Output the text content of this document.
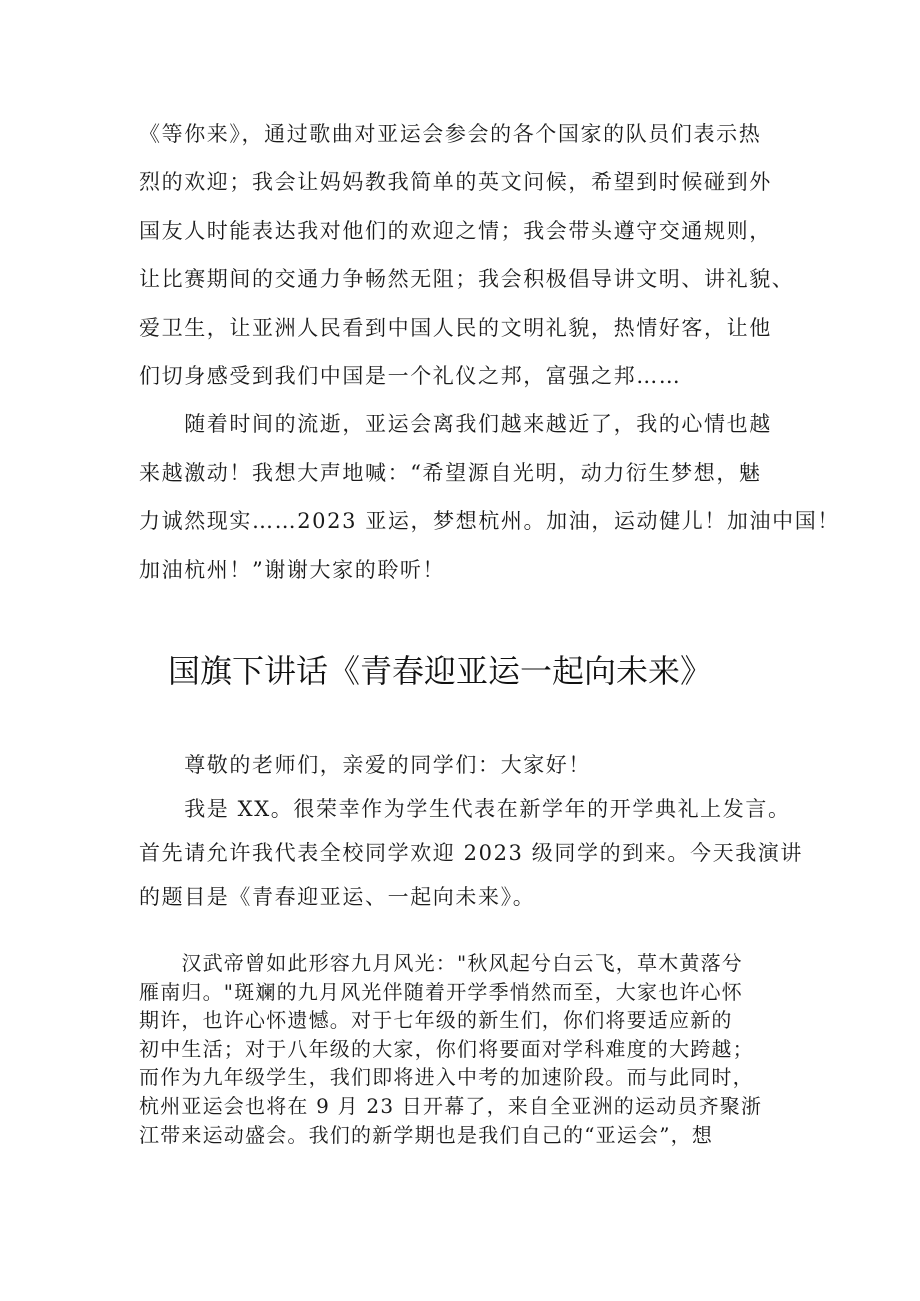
《等你来》，通过歌曲对亚运会参会的各个国家的队员们表示热
烈的欢迎；我会让妈妈教我简单的英文问候，希望到时候碰到外
国友人时能表达我对他们的欢迎之情；我会带头遵守交通规则，
让比赛期间的交通力争畅然无阻；我会积极倡导讲文明、讲礼貌、
爱卫生，让亚洲人民看到中国人民的文明礼貌，热情好客，让他
们切身感受到我们中国是一个礼仪之邦，富强之邦……
　　随着时间的流逝，亚运会离我们越来越近了，我的心情也越
来越激动！我想大声地喊：“希望源自光明，动力衍生梦想，魅
力诚然现实……2023 亚运，梦想杭州。加油，运动健儿！加油中国！
加油杭州！”谢谢大家的聆听！
国旗下讲话《青春迎亚运一起向未来》
　　尊敬的老师们，亲爱的同学们：大家好！
　　我是 XX。很荣幸作为学生代表在新学年的开学典礼上发言。
首先请允许我代表全校同学欢迎 2023 级同学的到来。今天我演讲
的题目是《青春迎亚运、一起向未来》。
　　汉武帝曾如此形容九月风光："秋风起兮白云飞，草木黄落兮
雁南归。"斑斓的九月风光伴随着开学季悄然而至，大家也许心怀
期许，也许心怀遗憾。对于七年级的新生们，你们将要适应新的
初中生活；对于八年级的大家，你们将要面对学科难度的大跨越；
而作为九年级学生，我们即将进入中考的加速阶段。而与此同时，
杭州亚运会也将在 9 月 23 日开幕了，来自全亚洲的运动员齐聚浙
江带来运动盛会。我们的新学期也是我们自己的“亚运会”，想
